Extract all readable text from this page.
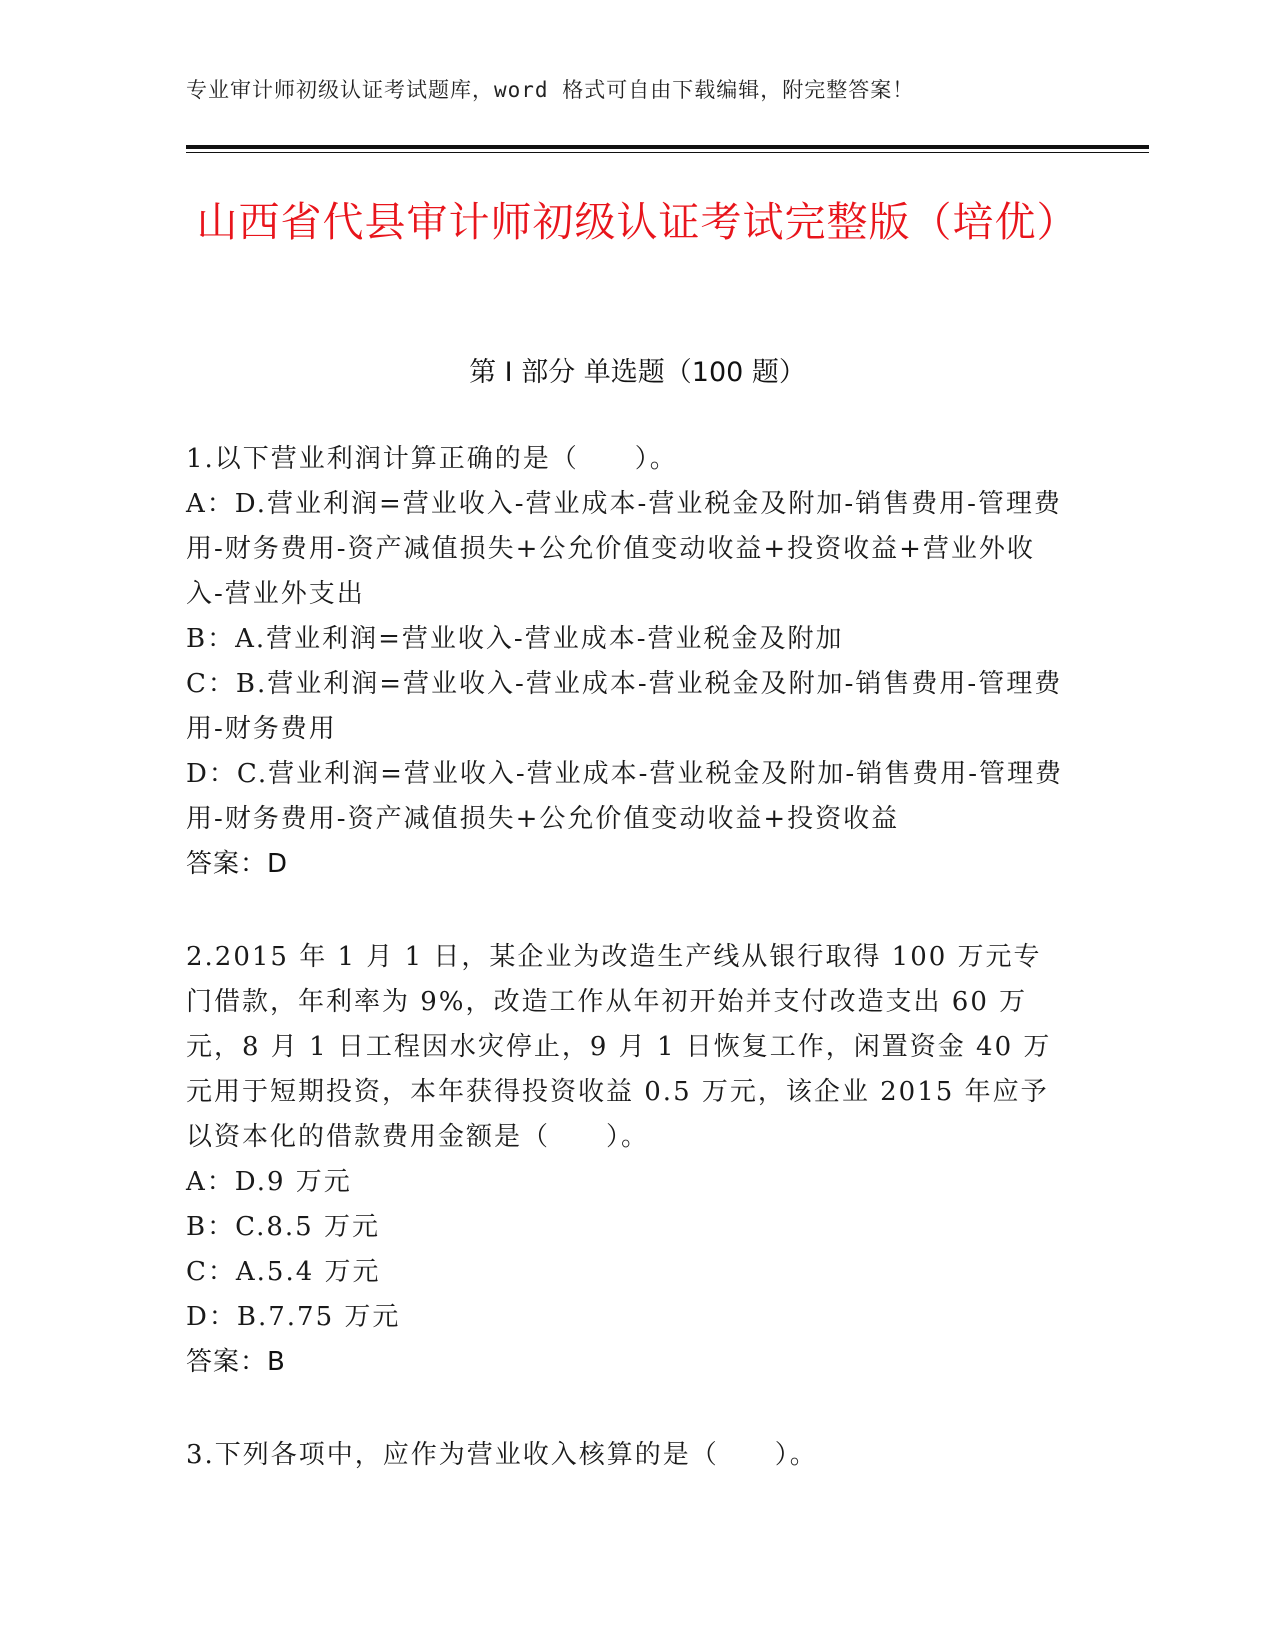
专业审计师初级认证考试题库，word 格式可自由下载编辑，附完整答案！
山西省代县审计师初级认证考试完整版（培优）
第 I 部分 单选题（100 题）
1.以下营业利润计算正确的是（　　）。
A：D.营业利润=营业收入-营业成本-营业税金及附加-销售费用-管理费用-财务费用-资产减值损失+公允价值变动收益+投资收益+营业外收入-营业外支出
B：A.营业利润=营业收入-营业成本-营业税金及附加
C：B.营业利润=营业收入-营业成本-营业税金及附加-销售费用-管理费用-财务费用
D：C.营业利润=营业收入-营业成本-营业税金及附加-销售费用-管理费用-财务费用-资产减值损失+公允价值变动收益+投资收益
答案：D
2.2015 年 1 月 1 日，某企业为改造生产线从银行取得 100 万元专门借款，年利率为 9%，改造工作从年初开始并支付改造支出 60 万元，8 月 1 日工程因水灾停止，9 月 1 日恢复工作，闲置资金 40 万元用于短期投资，本年获得投资收益 0.5 万元，该企业 2015 年应予以资本化的借款费用金额是（　　）。
A：D.9 万元
B：C.8.5 万元
C：A.5.4 万元
D：B.7.75 万元
答案：B
3.下列各项中，应作为营业收入核算的是（　　）。
